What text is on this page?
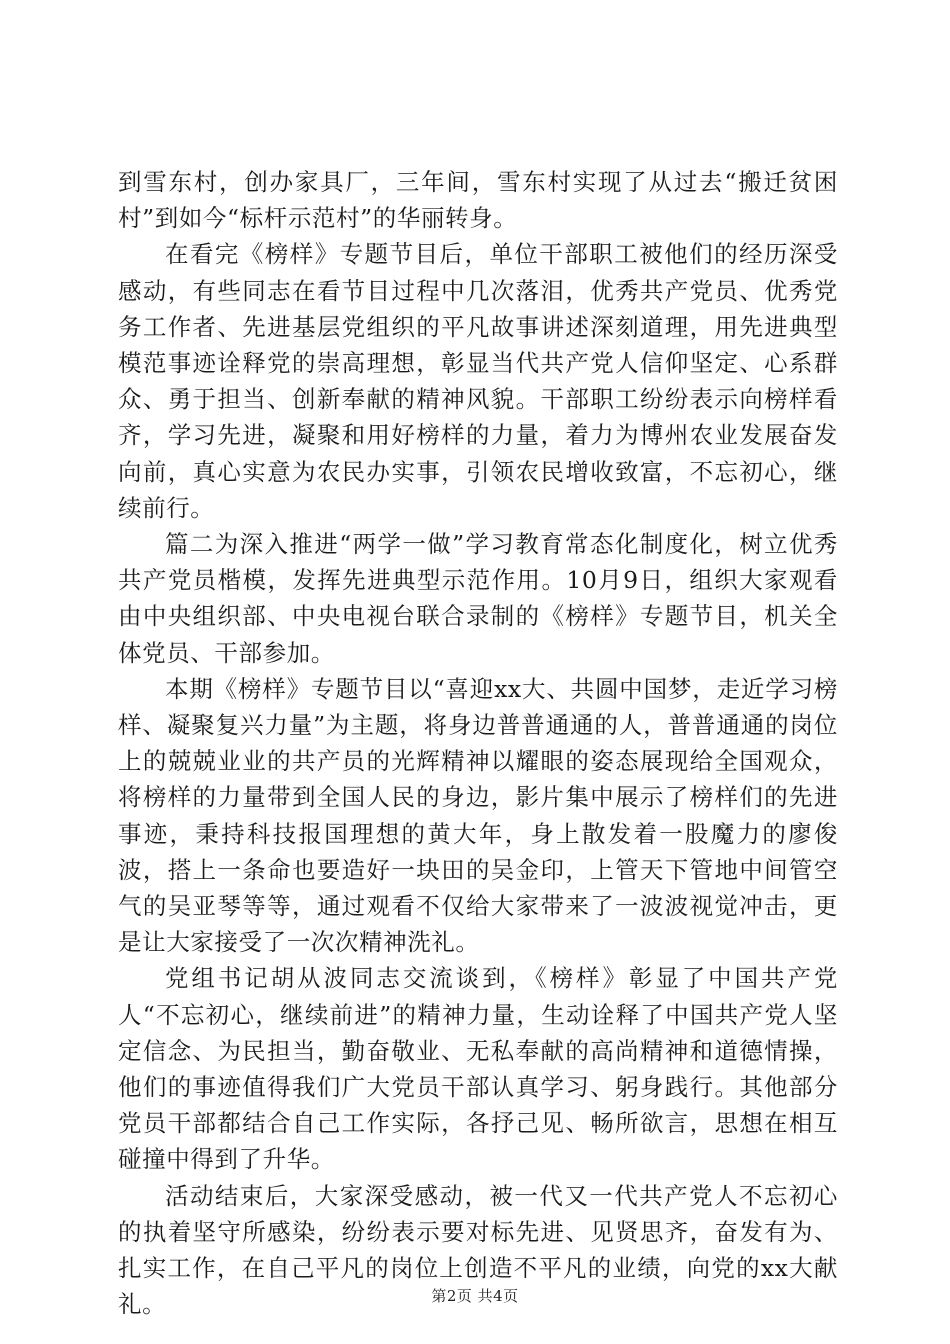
到雪东村，创办家具厂，三年间，雪东村实现了从过去“搬迁贫困村”到如今“标杆示范村”的华丽转身。

在看完《榜样》专题节目后，单位干部职工被他们的经历深受感动，有些同志在看节目过程中几次落泪，优秀共产党员、优秀党务工作者、先进基层党组织的平凡故事讲述深刻道理，用先进典型模范事迹诠释党的崇高理想，彰显当代共产党人信仰坚定、心系群众、勇于担当、创新奉献的精神风貌。干部职工纷纷表示向榜样看齐，学习先进，凝聚和用好榜样的力量，着力为博州农业发展奋发向前，真心实意为农民办实事，引领农民增收致富，不忘初心，继续前行。

篇二为深入推进“两学一做”学习教育常态化制度化，树立优秀共产党员楷模，发挥先进典型示范作用。10月9日，组织大家观看由中央组织部、中央电视台联合录制的《榜样》专题节目，机关全体党员、干部参加。

本期《榜样》专题节目以“喜迎xx大、共圆中国梦，走近学习榜样、凝聚复兴力量”为主题，将身边普普通通的人，普普通通的岗位上的兢兢业业的共产员的光辉精神以耀眼的姿态展现给全国观众，将榜样的力量带到全国人民的身边，影片集中展示了榜样们的先进事迹，秉持科技报国理想的黄大年，身上散发着一股魔力的廖俊波，搭上一条命也要造好一块田的吴金印，上管天下管地中间管空气的吴亚琴等等，通过观看不仅给大家带来了一波波视觉冲击，更是让大家接受了一次次精神洗礼。

党组书记胡从波同志交流谈到，《榜样》彰显了中国共产党人“不忘初心，继续前进”的精神力量，生动诠释了中国共产党人坚定信念、为民担当，勤奋敬业、无私奉献的高尚精神和道德情操，他们的事迹值得我们广大党员干部认真学习、躬身践行。其他部分党员干部都结合自己工作实际，各抒己见、畅所欲言，思想在相互碰撞中得到了升华。

活动结束后，大家深受感动，被一代又一代共产党人不忘初心的执着坚守所感染，纷纷表示要对标先进、见贤思齐，奋发有为、扎实工作，在自己平凡的岗位上创造不平凡的业绩，向党的xx大献礼。	第2页 共4页
